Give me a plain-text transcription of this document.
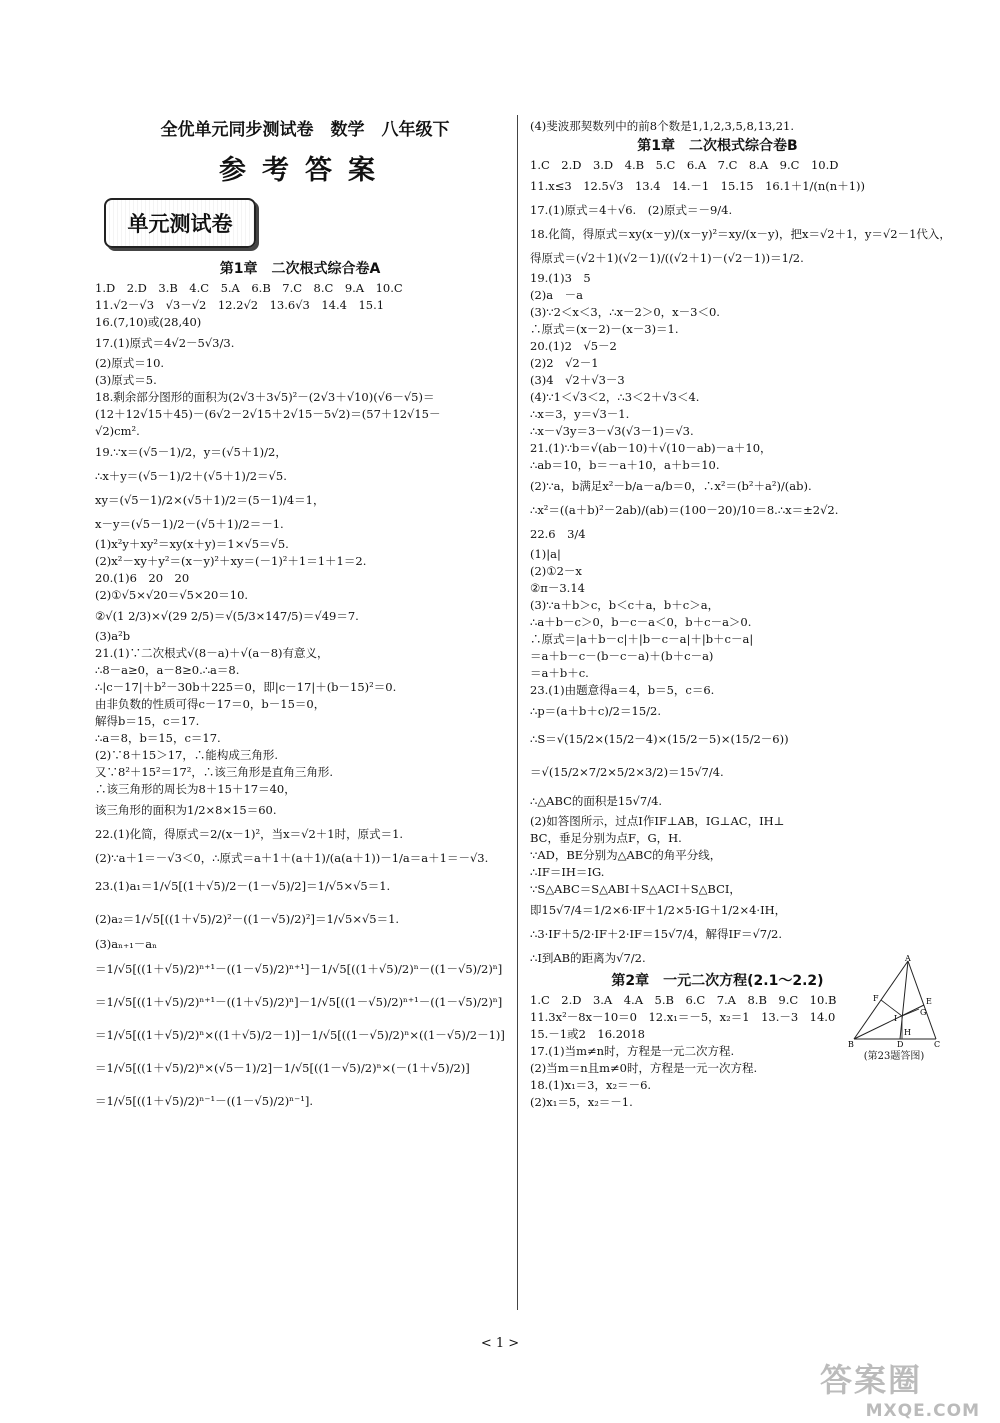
全优单元同步测试卷　数学　八年级下
参考答案
单元测试卷
第1章　二次根式综合卷A
1.D　2.D　3.B　4.C　5.A　6.B　7.C　8.C　9.A　10.C
11.√2－√3　√3－√2　12.2√2　13.6√3　14.4　15.1
16.(7,10)或(28,40)
17.(1)原式＝4√2－5√3/3.
(2)原式＝10.
(3)原式＝5.
18.剩余部分图形的面积为(2√3＋3√5)²－(2√3＋√10)(√6－√5)＝
(12＋12√15＋45)－(6√2－2√15＋2√15－5√2)＝(57＋12√15－
√2)cm².
19.∵x＝(√5－1)/2，y＝(√5＋1)/2，
∴x＋y＝(√5－1)/2＋(√5＋1)/2＝√5.
xy＝(√5－1)/2×(√5＋1)/2＝(5－1)/4＝1，
x－y＝(√5－1)/2－(√5＋1)/2＝－1.
(1)x²y＋xy²＝xy(x＋y)＝1×√5＝√5.
(2)x²－xy＋y²＝(x－y)²＋xy＝(－1)²＋1＝1＋1＝2.
20.(1)6　20　20
(2)①√5×√20＝√5×20＝10.
②√(1 2/3)×√(29 2/5)＝√(5/3×147/5)＝√49＝7.
(3)a²b
21.(1)∵二次根式√(8－a)＋√(a－8)有意义，
∴8－a≥0，a－8≥0.∴a＝8.
∴|c－17|＋b²－30b＋225＝0，即|c－17|＋(b－15)²＝0.
由非负数的性质可得c－17＝0，b－15＝0，
解得b＝15，c＝17.
∴a＝8，b＝15，c＝17.
(2)∵8＋15＞17，∴能构成三角形.
又∵8²＋15²＝17²，∴该三角形是直角三角形.
∴该三角形的周长为8＋15＋17＝40，
该三角形的面积为1/2×8×15＝60.
22.(1)化简，得原式＝2/(x－1)²，当x＝√2＋1时，原式＝1.
(2)∵a＋1＝－√3＜0，∴原式＝a＋1＋(a＋1)/(a(a＋1))－1/a＝a＋1＝－√3.
23.(1)a₁＝1/√5[(1＋√5)/2－(1－√5)/2]＝1/√5×√5＝1.
(2)a₂＝1/√5[((1＋√5)/2)²－((1－√5)/2)²]＝1/√5×√5＝1.
(3)aₙ₊₁－aₙ
＝1/√5[((1＋√5)/2)ⁿ⁺¹－((1－√5)/2)ⁿ⁺¹]－1/√5[((1＋√5)/2)ⁿ－((1－√5)/2)ⁿ]
＝1/√5[((1＋√5)/2)ⁿ⁺¹－((1＋√5)/2)ⁿ]－1/√5[((1－√5)/2)ⁿ⁺¹－((1－√5)/2)ⁿ]
＝1/√5[((1＋√5)/2)ⁿ×((1＋√5)/2－1)]－1/√5[((1－√5)/2)ⁿ×((1－√5)/2－1)]
＝1/√5[((1＋√5)/2)ⁿ×(√5－1)/2]－1/√5[((1－√5)/2)ⁿ×(－(1＋√5)/2)]
＝1/√5[((1＋√5)/2)ⁿ⁻¹－((1－√5)/2)ⁿ⁻¹].
(4)斐波那契数列中的前8个数是1,1,2,3,5,8,13,21.
第1章　二次根式综合卷B
1.C　2.D　3.D　4.B　5.C　6.A　7.C　8.A　9.C　10.D
11.x≤3　12.5√3　13.4　14.－1　15.15　16.1＋1/(n(n＋1))
17.(1)原式＝4＋√6.　(2)原式＝－9/4.
18.化简，得原式＝xy(x－y)/(x－y)²＝xy/(x－y)，把x＝√2＋1，y＝√2－1代入，
得原式＝(√2＋1)(√2－1)/((√2＋1)－(√2－1))＝1/2.
19.(1)3　5
(2)a　－a
(3)∵2＜x＜3，∴x－2＞0，x－3＜0.
∴原式＝(x－2)－(x－3)＝1.
20.(1)2　√5－2
(2)2　√2－1
(3)4　√2＋√3－3
(4)∵1＜√3＜2，∴3＜2＋√3＜4.
∴x＝3，y＝√3－1.
∴x－√3y＝3－√3(√3－1)＝√3.
21.(1)∵b＝√(ab－10)＋√(10－ab)－a＋10，
∴ab＝10，b＝－a＋10，a＋b＝10.
(2)∵a，b满足x²－b/a－a/b＝0，∴x²＝(b²＋a²)/(ab).
∴x²＝((a＋b)²－2ab)/(ab)＝(100－20)/10＝8.∴x＝±2√2.
22.6　3/4
(1)|a|
(2)①2－x
②π－3.14
(3)∵a＋b＞c，b＜c＋a，b＋c＞a，
∴a＋b－c＞0，b－c－a＜0，b＋c－a＞0.
∴原式＝|a＋b－c|＋|b－c－a|＋|b＋c－a|
＝a＋b－c－(b－c－a)＋(b＋c－a)
＝a＋b＋c.
23.(1)由题意得a＝4，b＝5，c＝6.
∴p＝(a＋b＋c)/2＝15/2.
∴S＝√(15/2×(15/2－4)×(15/2－5)×(15/2－6))
＝√(15/2×7/2×5/2×3/2)＝15√7/4.
∴△ABC的面积是15√7/4.
(2)如答图所示，过点I作IF⊥AB，IG⊥AC，IH⊥
BC，垂足分别为点F，G，H.
∵AD，BE分别为△ABC的角平分线，
∴IF＝IH＝IG.
∵S△ABC＝S△ABI＋S△ACI＋S△BCI，
即15√7/4＝1/2×6·IF＋1/2×5·IG＋1/2×4·IH，
∴3·IF＋5/2·IF＋2·IF＝15√7/4，解得IF＝√7/2.
∴I到AB的距离为√7/2.
第2章　一元二次方程(2.1～2.2)
1.C　2.D　3.A　4.A　5.B　6.C　7.A　8.B　9.C　10.B
11.3x²－8x－10＝0　12.x₁＝－5，x₂＝1　13.－3　14.0
15.－1或2　16.2018
17.(1)当m≠n时，方程是一元二次方程.
(2)当m＝n且m≠0时，方程是一元一次方程.
18.(1)x₁＝3，x₂＝－6.
(2)x₁＝5，x₂＝－1.
A
B	C
D
E
F
G
H
I
(第23题答图)
< 1 >
答案圈
MXQE.COM
